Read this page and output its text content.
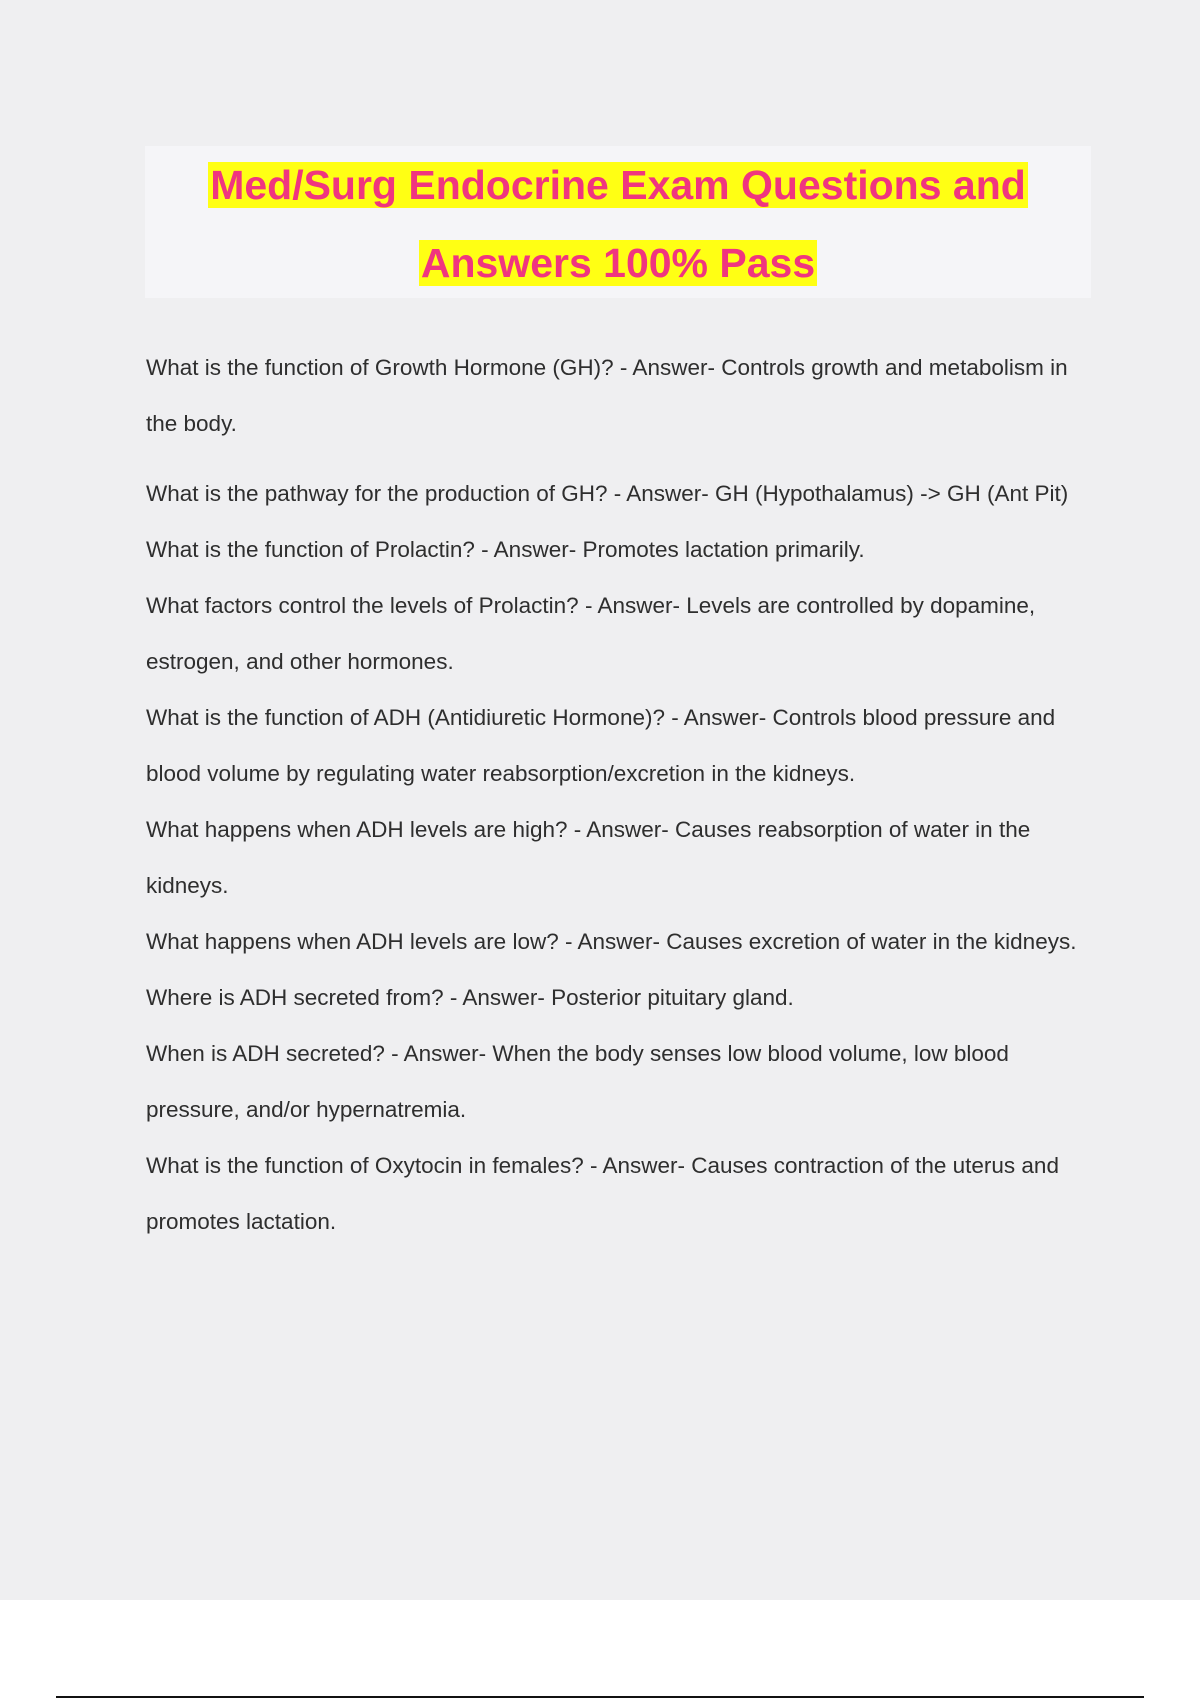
Med/Surg Endocrine Exam Questions and
Answers 100% Pass
What is the function of Growth Hormone (GH)? - Answer- Controls growth and metabolism in the body.
What is the pathway for the production of GH? - Answer- GH (Hypothalamus) -> GH (Ant Pit)
What is the function of Prolactin? - Answer- Promotes lactation primarily.
What factors control the levels of Prolactin? - Answer- Levels are controlled by dopamine, estrogen, and other hormones.
What is the function of ADH (Antidiuretic Hormone)? - Answer- Controls blood pressure and blood volume by regulating water reabsorption/excretion in the kidneys.
What happens when ADH levels are high? - Answer- Causes reabsorption of water in the kidneys.
What happens when ADH levels are low? - Answer- Causes excretion of water in the kidneys.
Where is ADH secreted from? - Answer- Posterior pituitary gland.
When is ADH secreted? - Answer- When the body senses low blood volume, low blood pressure, and/or hypernatremia.
What is the function of Oxytocin in females? - Answer- Causes contraction of the uterus and promotes lactation.
